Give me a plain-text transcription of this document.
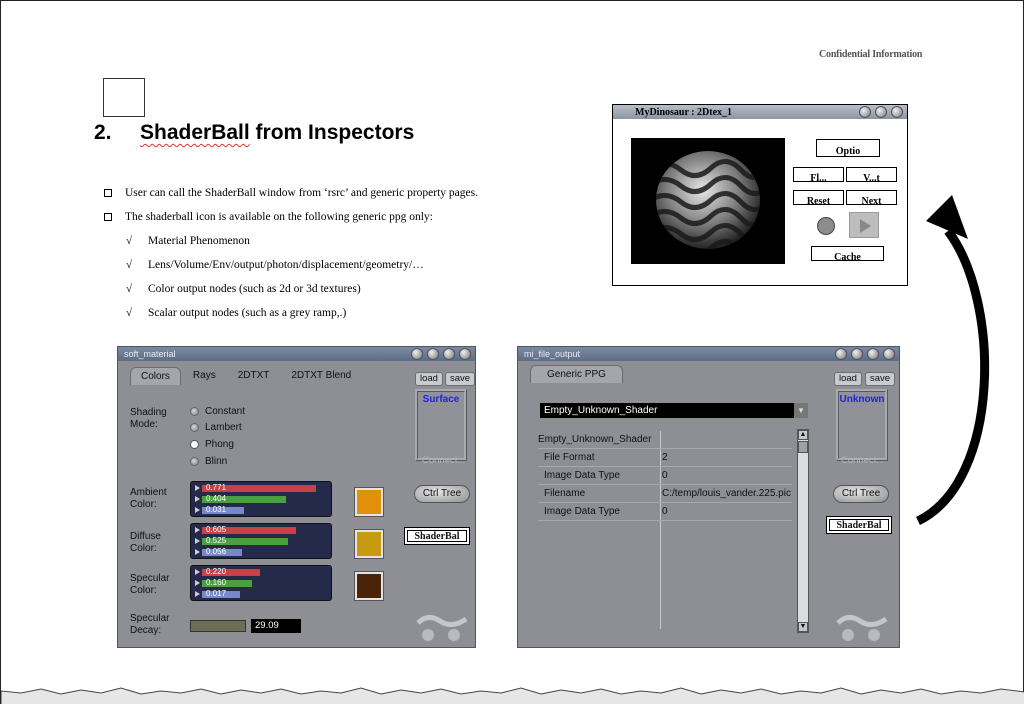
Confidential Information
2. ShaderBall from Inspectors
User can call the ShaderBall window from ‘rsrc’ and generic property pages.
The shaderball icon is available on the following generic ppg only:
√	Material Phenomenon
√	Lens/Volume/Env/output/photon/displacement/geometry/…
√	Color output nodes (such as 2d or 3d textures)
√	Scalar output nodes (such as a grey ramp,.)
MyDinosaur : 2Dtex_1
Optio
Fl...	V...t
Reset	Next
Cache
soft_material
Colors	Rays	2DTXT	2DTXT Blend	load	save
Surface
Connect...
Ctrl Tree
ShaderBal
Shading
Mode:
Constant
Lambert
Phong
Blinn
Ambient
Color:
0.771
0.404
0.031
Diffuse
Color:
0.605
0.525
0.056
Specular
Color:
0.220
0.160
0.017
Specular
Decay:	29.09
mi_file_output
Generic PPG	load	save
Unknown
Connect...
Ctrl Tree
ShaderBal
Empty_Unknown_Shader	▼
Empty_Unknown_Shader
File Format	2
Image Data Type	0
Filename	C:/temp/louis_vander.225.pic
Image Data Type	0
▲
▼
